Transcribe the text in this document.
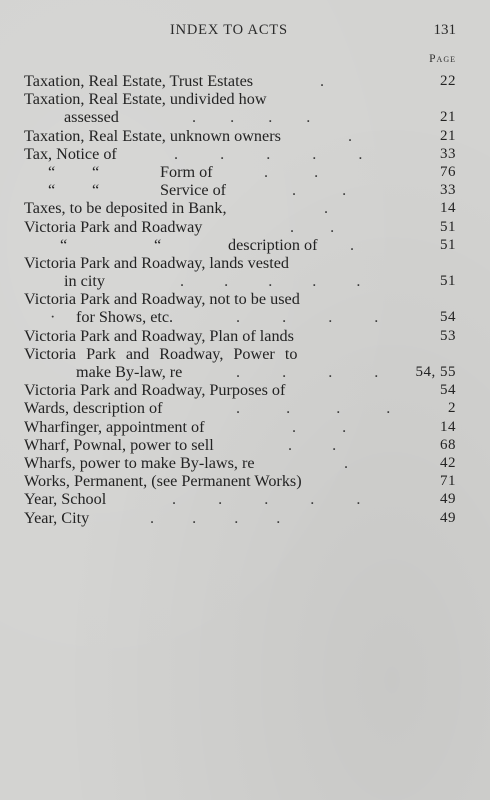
INDEX TO ACTS	131
Page
Taxation, Real Estate, Trust Estates	.	22
Taxation, Real Estate, undivided how
assessed	. . . .	21
Taxation, Real Estate, unknown owners	.	21
Tax, Notice of	. . . . .	33
“ “	Form of	. .	76
“ “	Service of	. .	33
Taxes, to be deposited in Bank,	.	14
Victoria Park and Roadway	. .	51
“	“	description of .	51
Victoria Park and Roadway, lands vested
in city	. . . . .	51
Victoria Park and Roadway, not to be used
·	for Shows, etc.	. . . .	54
Victoria Park and Roadway, Plan of lands	53
Victoria Park and Roadway, Power to
make By-law, re	. . . . 54, 55
Victoria Park and Roadway, Purposes of	54
Wards, description of	. . . .	2
Wharfinger, appointment of	. .	14
Wharf, Pownal, power to sell	. .	68
Wharfs, power to make By-laws, re	.	42
Works, Permanent, (see Permanent Works)	71
Year, School	. . . . .	49
Year, City	. . . .	49
